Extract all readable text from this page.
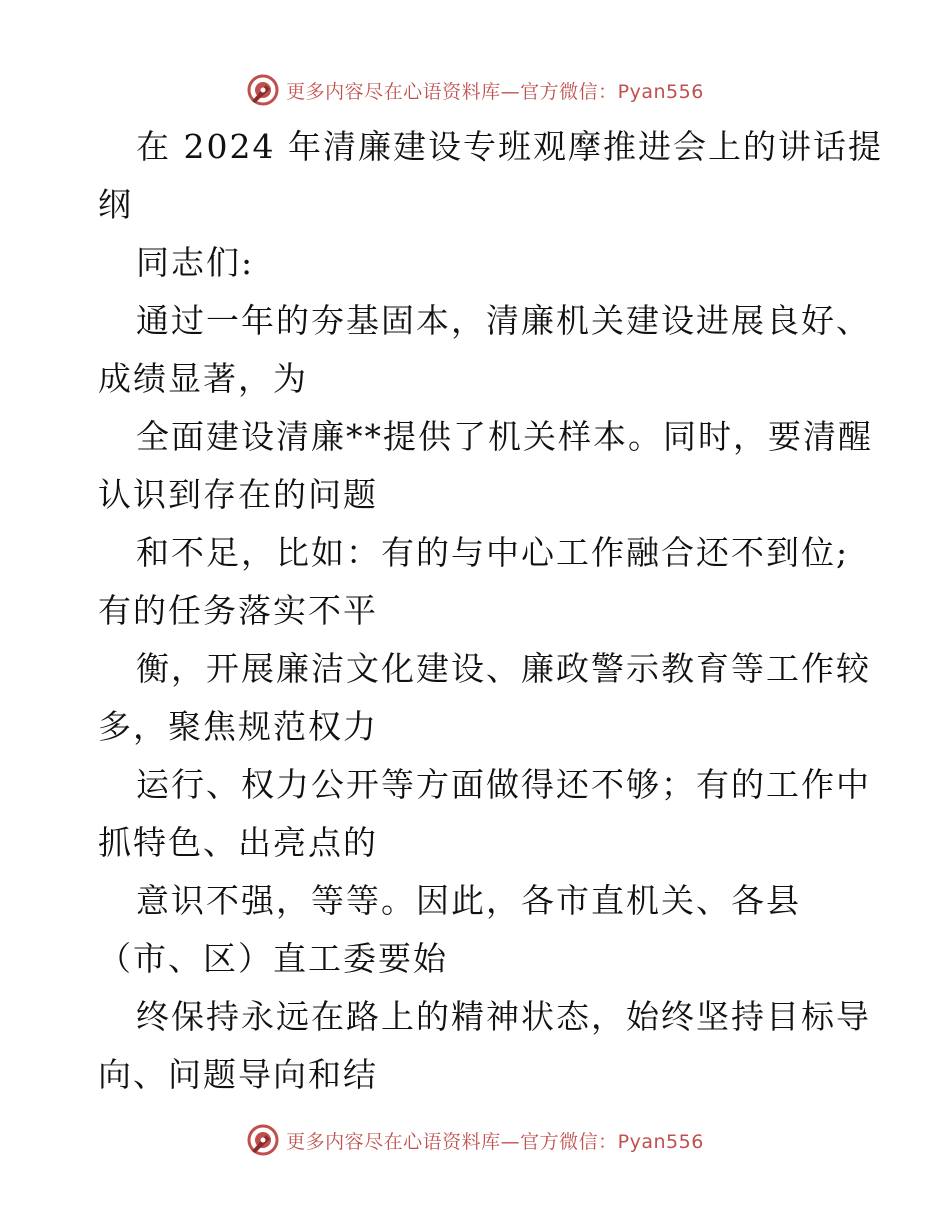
更多内容尽在心语资料库—官方微信：Pyan556
在 2024 年清廉建设专班观摩推进会上的讲话提
纲
同志们:
通过一年的夯基固本，清廉机关建设进展良好、
成绩显著，为
全面建设清廉**提供了机关样本。同时，要清醒
认识到存在的问题
和不足，比如：有的与中心工作融合还不到位;
有的任务落实不平
衡，开展廉洁文化建设、廉政警示教育等工作较
多，聚焦规范权力
运行、权力公开等方面做得还不够；有的工作中
抓特色、出亮点的
意识不强，等等。因此，各市直机关、各县
（市、区）直工委要始
终保持永远在路上的精神状态，始终坚持目标导
向、问题导向和结
更多内容尽在心语资料库—官方微信：Pyan556
